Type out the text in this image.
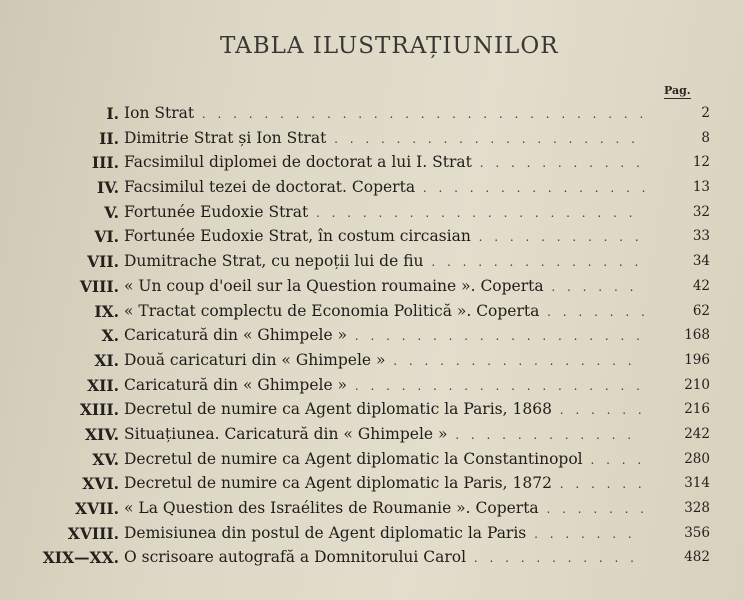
TABLA ILUSTRAȚIUNILOR
Pag.
I. Ion Strat . . . . . . . . . . . . . . . . . . . . . . . . . . . . .	2
II. Dimitrie Strat și Ion Strat . . . . . . . . . . . . . . . . . . . .	8
III. Facsimilul diplomei de doctorat a lui I. Strat . . . . . . . . . . .	12
IV. Facsimilul tezei de doctorat. Coperta . . . . . . . . . . . . . . .	13
V. Fortunée Eudoxie Strat . . . . . . . . . . . . . . . . . . . . .	32
VI. Fortunée Eudoxie Strat, în costum circasian . . . . . . . . . . .	33
VII. Dumitrache Strat, cu nepoții lui de fiu . . . . . . . . . . . . . .	34
VIII. « Un coup d'oeil sur la Question roumaine ». Coperta . . . . . .	42
IX. « Tractat complectu de Economia Politică ». Coperta . . . . . . .	62
X. Caricatură din « Ghimpele » . . . . . . . . . . . . . . . . . . .	168
XI. Două caricaturi din « Ghimpele » . . . . . . . . . . . . . . . .	196
XII. Caricatură din « Ghimpele » . . . . . . . . . . . . . . . . . . .	210
XIII. Decretul de numire ca Agent diplomatic la Paris, 1868 . . . . . .	216
XIV. Situațiunea. Caricatură din « Ghimpele » . . . . . . . . . . . .	242
XV. Decretul de numire ca Agent diplomatic la Constantinopol . . . .	280
XVI. Decretul de numire ca Agent diplomatic la Paris, 1872 . . . . . .	314
XVII. « La Question des Israélites de Roumanie ». Coperta . . . . . . .	328
XVIII. Demisiunea din postul de Agent diplomatic la Paris . . . . . . .	356
XIX—XX. O scrisoare autografă a Domnitorului Carol . . . . . . . . . . .	482
